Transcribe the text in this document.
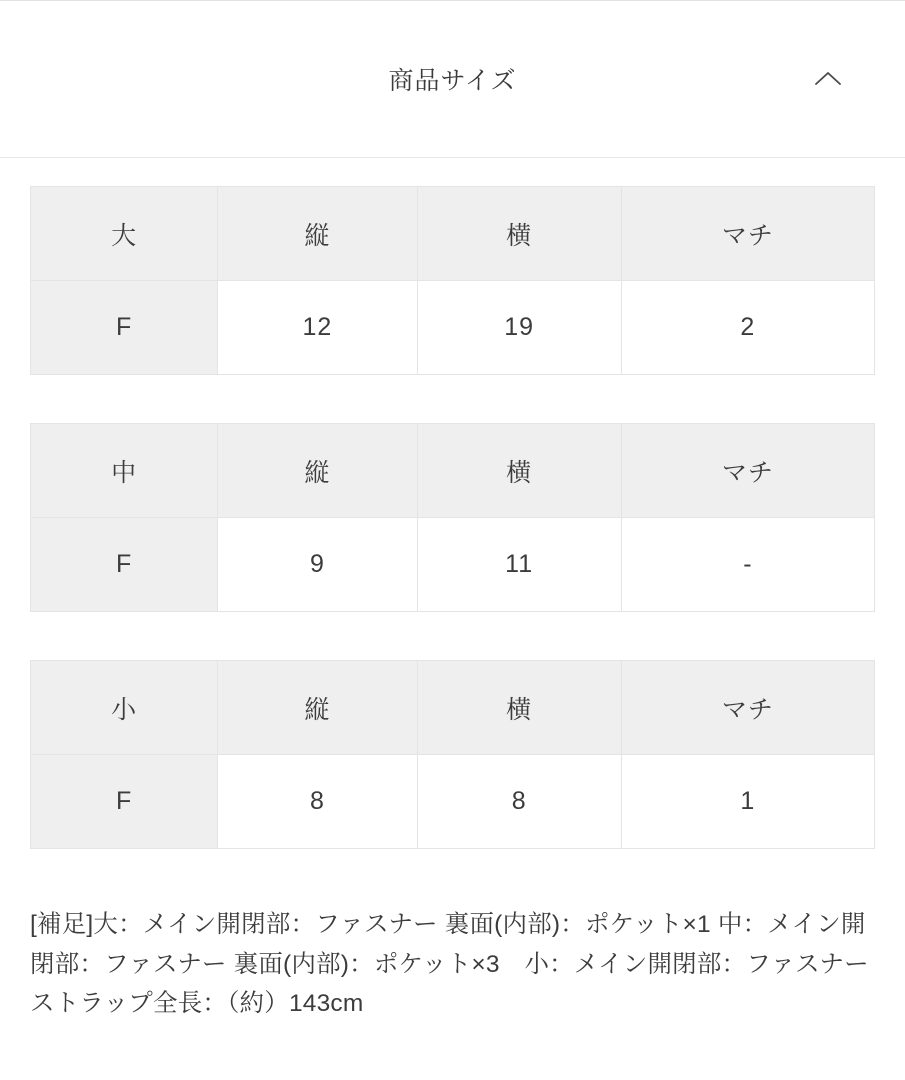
商品サイズ
大	縦	横	マチ
F	12	19	2
中	縦	横	マチ
F	9	11	-
小	縦	横	マチ
F	8	8	1
[補足]大：メイン開閉部：ファスナー 裏面(内部)：ポケット×1 中：メイン開閉部：ファスナー 裏面(内部)：ポケット×3　小：メイン開閉部：ファスナー　ストラップ全長：（約）143cm
